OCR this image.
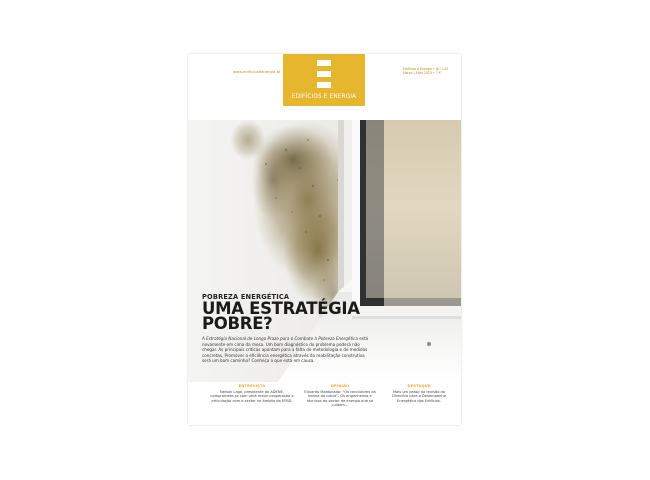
www.edificioseenergia.pt
EDIFÍCIOS E ENERGIA
Edifícios e Energia • N.º 144
Março | Abril 2023 • 7 €
POBREZA ENERGÉTICA
UMA ESTRATÉGIA
POBRE?
A Estratégia Nacional de Longo Prazo para o Combate à Pobreza Energética está novamente em cima da mesa. Um bom diagnóstico do problema poderá não chegar. As principais críticas apontam para a falta de metodologia e de medidas concretas. Promover a eficiência energética através da reabilitação construtiva será um bom caminho? Conheça o que está em causa.
ENTREVISTA
Nelson Lage, presidente da ADENE, compromete-se com uma maior cooperação e articulação com o sector no âmbito da EFBD.
OPINIÃO
Eduardo Maldonado: "Os condutores da banha da cobra". Os engenheiros e técnicos do sector de energia que se cuidem...
DESTAQUE
Mais um passo na revisão da Directiva para o Desempenho Energético dos Edifícios.
